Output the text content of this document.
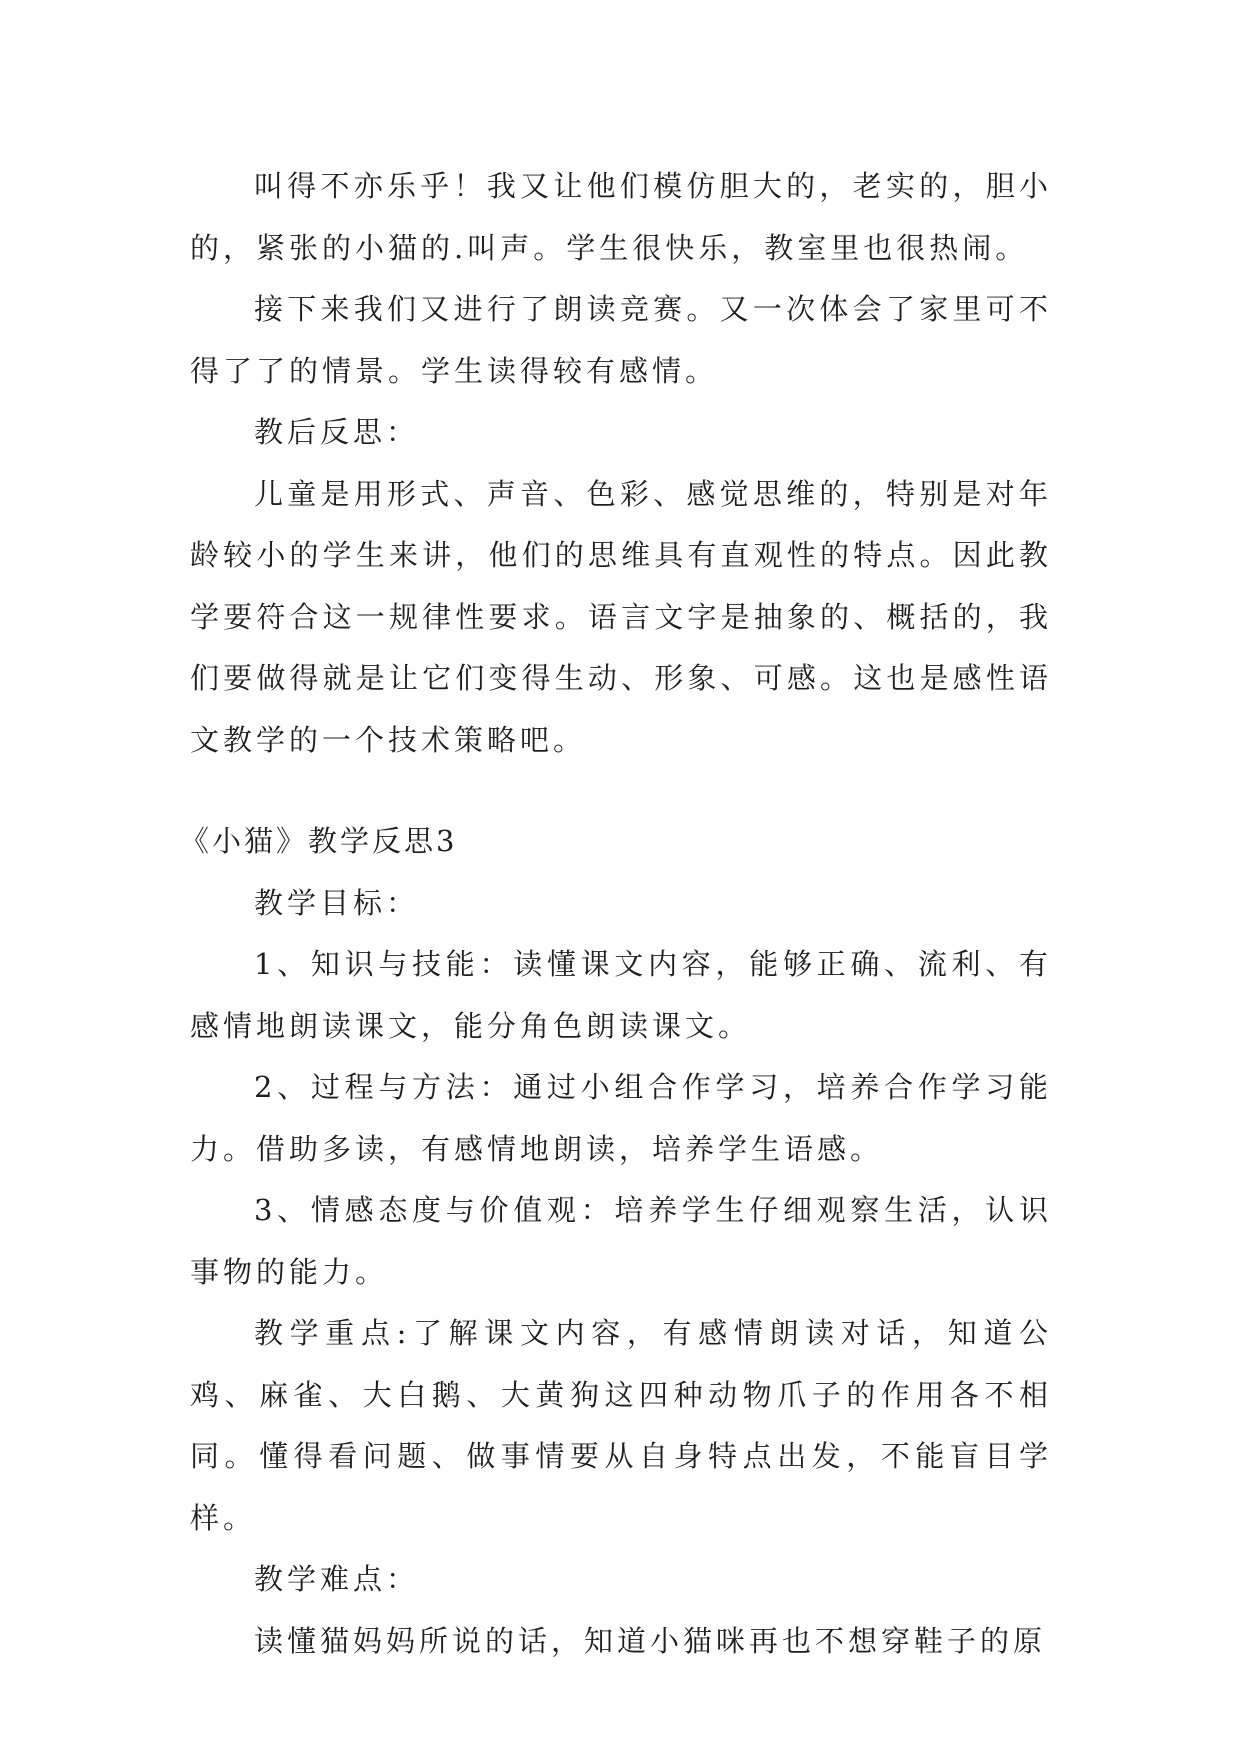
叫得不亦乐乎！我又让他们模仿胆大的，老实的，胆小的，紧张的小猫的.叫声。学生很快乐，教室里也很热闹。

接下来我们又进行了朗读竞赛。又一次体会了家里可不得了了的情景。学生读得较有感情。

教后反思：

儿童是用形式、声音、色彩、感觉思维的，特别是对年龄较小的学生来讲，他们的思维具有直观性的特点。因此教学要符合这一规律性要求。语言文字是抽象的、概括的，我们要做得就是让它们变得生动、形象、可感。这也是感性语文教学的一个技术策略吧。

《小猫》教学反思3

教学目标：

1、知识与技能：读懂课文内容，能够正确、流利、有感情地朗读课文，能分角色朗读课文。

2、过程与方法：通过小组合作学习，培养合作学习能力。借助多读，有感情地朗读，培养学生语感。

3、情感态度与价值观：培养学生仔细观察生活，认识事物的能力。

教学重点:了解课文内容，有感情朗读对话，知道公鸡、麻雀、大白鹅、大黄狗这四种动物爪子的作用各不相同。懂得看问题、做事情要从自身特点出发，不能盲目学样。

教学难点：

读懂猫妈妈所说的话，知道小猫咪再也不想穿鞋子的原
